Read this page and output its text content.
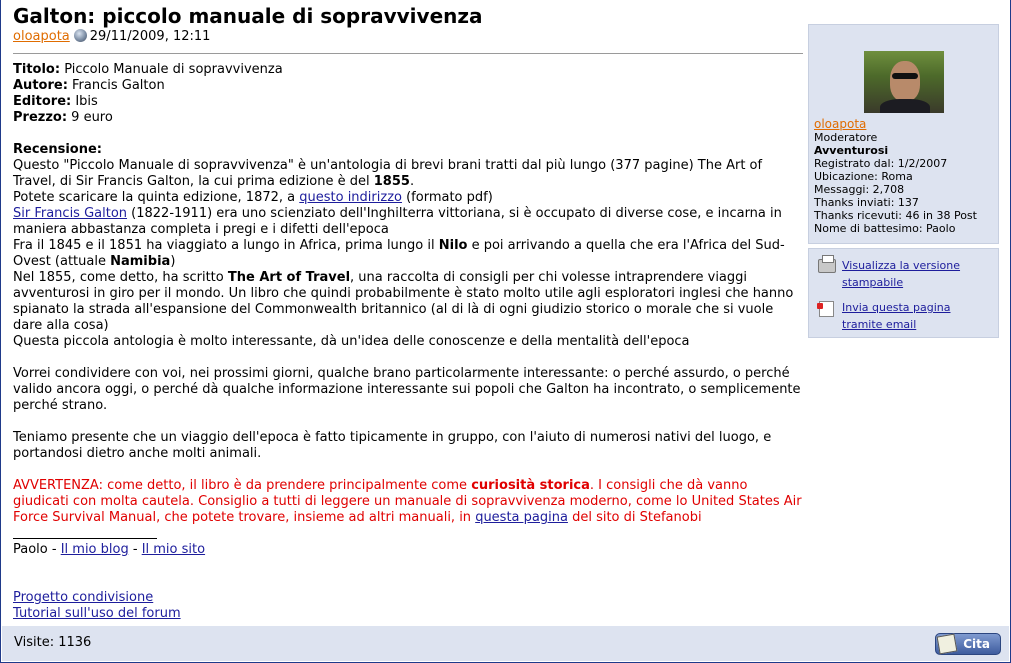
Galton: piccolo manuale di sopravvivenza
oloapota 29/11/2009, 12:11
Titolo: Piccolo Manuale di sopravvivenza
Autore: Francis Galton
Editore: Ibis
Prezzo: 9 euro

Recensione:

Questo "Piccolo Manuale di sopravvivenza" è un'antologia di brevi brani tratti dal più lungo (377 pagine) The Art of Travel, di Sir Francis Galton, la cui prima edizione è del 1855.

Potete scaricare la quinta edizione, 1872, a questo indirizzo (formato pdf)

Sir Francis Galton (1822-1911) era uno scienziato dell'Inghilterra vittoriana, si è occupato di diverse cose, e incarna in maniera abbastanza completa i pregi e i difetti dell'epoca

Fra il 1845 e il 1851 ha viaggiato a lungo in Africa, prima lungo il Nilo e poi arrivando a quella che era l'Africa del Sud-Ovest (attuale Namibia)

Nel 1855, come detto, ha scritto The Art of Travel, una raccolta di consigli per chi volesse intraprendere viaggi avventurosi in giro per il mondo. Un libro che quindi probabilmente è stato molto utile agli esploratori inglesi che hanno spianato la strada all'espansione del Commonwealth britannico (al di là di ogni giudizio storico o morale che si vuole dare alla cosa)

Questa piccola antologia è molto interessante, dà un'idea delle conoscenze e della mentalità dell'epoca

Vorrei condividere con voi, nei prossimi giorni, qualche brano particolarmente interessante: o perché assurdo, o perché valido ancora oggi, o perché dà qualche informazione interessante sui popoli che Galton ha incontrato, o semplicemente perché strano.

Teniamo presente che un viaggio dell'epoca è fatto tipicamente in gruppo, con l'aiuto di numerosi nativi del luogo, e portandosi dietro anche molti animali.

AVVERTENZA: come detto, il libro è da prendere principalmente come curiosità storica. I consigli che dà vanno giudicati con molta cautela. Consiglio a tutti di leggere un manuale di sopravvivenza moderno, come lo United States Air Force Survival Manual, che potete trovare, insieme ad altri manuali, in questa pagina del sito di Stefanobi

Paolo - Il mio blog - Il mio sito

Progetto condivisione

Tutorial sull'uso del forum

oloapota
Moderatore
Avventurosi
Registrato dal: 1/2/2007
Ubicazione: Roma
Messaggi: 2,708
Thanks inviati: 137
Thanks ricevuti: 46 in 38 Post
Nome di battesimo: Paolo
Visualizza la versione stampabile
Invia questa pagina tramite email
Visite: 1136	Cita
